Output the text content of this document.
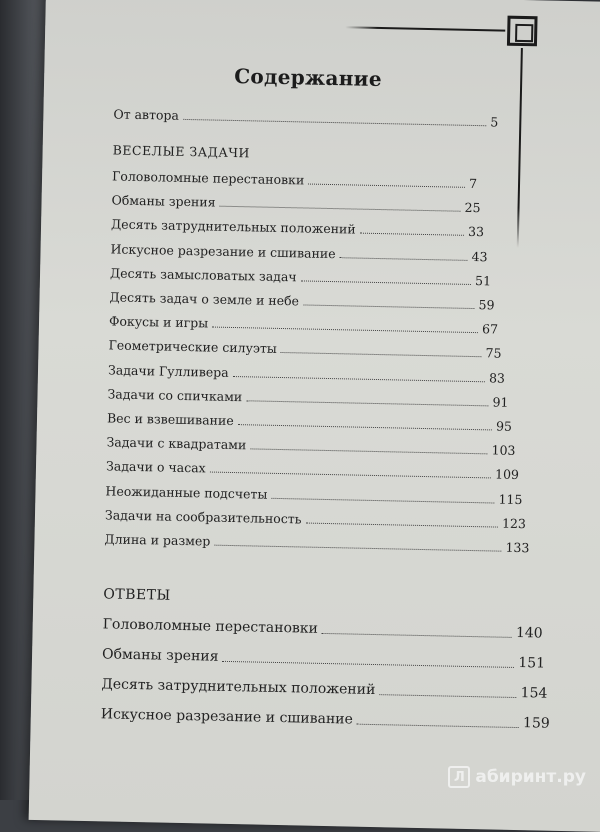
Содержание
От автора	5
ВЕСЕЛЫЕ ЗАДАЧИ
Головоломные перестановки	7
Обманы зрения	25
Десять затруднительных положений	33
Искусное разрезание и сшивание	43
Десять замысловатых задач	51
Десять задач о земле и небе	59
Фокусы и игры	67
Геометрические силуэты	75
Задачи Гулливера	83
Задачи со спичками	91
Вес и взвешивание	95
Задачи с квадратами	103
Задачи о часах	109
Неожиданные подсчеты	115
Задачи на сообразительность	123
Длина и размер	133
ОТВЕТЫ
Головоломные перестановки	140
Обманы зрения	151
Десять затруднительных положений	154
Искусное разрезание и сшивание	159
Л абиринт.ру
